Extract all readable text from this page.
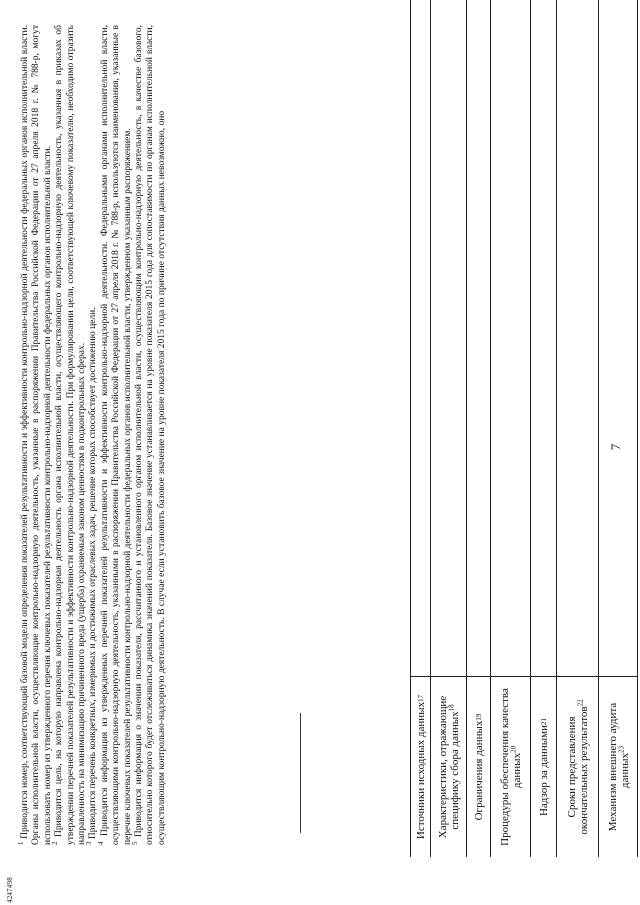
7
4247498
Источники исходных данных
17 Характеристики, отражающие специфику сбора данных$^{18}$
Ограничения данных
19 Процедуры обеспечения качества данных$^{20}$	Надзор за данными
21 Сроки представления окончательных результатов$^{22}$	Механизм внешнего аудита данных$^{23}$

$^1$ Приводится номер, соответствующий базовой модели определения показателей результативности и эффективности контрольно-надзорной деятельности федеральных органов исполнительной власти. Органы исполнительной власти, осуществляющие контрольно-надзорную деятельность, указанные в распоряжении Правительства Российской Федерации от 27 апреля 2018 г. № 788-р, могут использовать номер из утвержденного перечня ключевых показателей результативности контрольно-надзорной деятельности федеральных органов исполнительной власти.

$^2$ Приводится цель, на которую направлена контрольно-надзорная деятельность органа исполнительной власти, осуществляющего контрольно-надзорную деятельность, указанная в приказах об утверждении перечней показателей результативности и эффективности контрольно-надзорной деятельности. При формулировании цели, соответствующей ключевому показателю, необходимо отразить направленность на минимизацию причиненного вреда (ущерба) охраняемым законом ценностям в подконтрольных сферах.

$^3$ Приводится перечень конкретных, измеримых и достижимых отраслевых задач, решение которых способствует достижению цели.

$^4$ Приводится информация из утвержденных перечней показателей результативности и эффективности контрольно-надзорной деятельности. Федеральными органами исполнительной власти, осуществляющими контрольно-надзорную деятельность, указанными в распоряжении Правительства Российской Федерации от 27 апреля 2018 г. № 788-р, используются наименования, указанные в перечне ключевых показателей результативности контрольно-надзорной деятельности федеральных органов исполнительной власти, утвержденном указанным распоряжением.

$^5$ Приводится информация о значении показателя, рассчитанного и установленного органом исполнительной власти, осуществляющим контрольно-надзорную деятельность, в качестве базового, относительно которого будет отслеживаться динамика значений показателя. Базовое значение устанавливается на уровне показателя 2015 года для сопоставимости по органам исполнительной власти, осуществляющим контрольно-надзорную деятельность. В случае если установить базовое значение на уровне показателя 2015 года по причине отсутствия данных невозможно, оно
